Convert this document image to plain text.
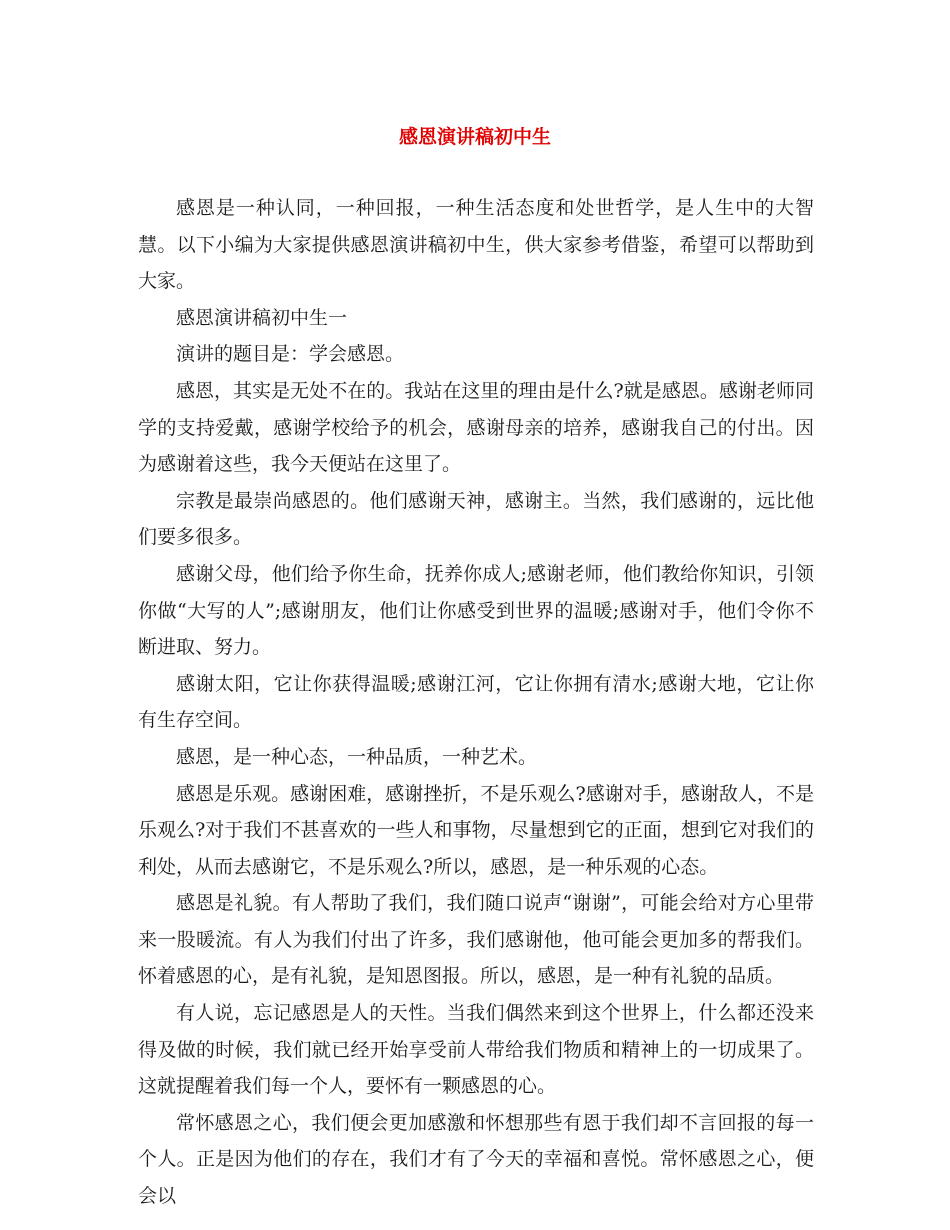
感恩演讲稿初中生

感恩是一种认同，一种回报，一种生活态度和处世哲学，是人生中的大智慧。以下小编为大家提供感恩演讲稿初中生，供大家参考借鉴，希望可以帮助到大家。

感恩演讲稿初中生一

演讲的题目是：学会感恩。

感恩，其实是无处不在的。我站在这里的理由是什么?就是感恩。感谢老师同学的支持爱戴，感谢学校给予的机会，感谢母亲的培养，感谢我自己的付出。因为感谢着这些，我今天便站在这里了。

宗教是最崇尚感恩的。他们感谢天神，感谢主。当然，我们感谢的，远比他们要多很多。

感谢父母，他们给予你生命，抚养你成人;感谢老师，他们教给你知识，引领你做“大写的人”;感谢朋友，他们让你感受到世界的温暖;感谢对手，他们令你不断进取、努力。

感谢太阳，它让你获得温暖;感谢江河，它让你拥有清水;感谢大地，它让你有生存空间。

感恩，是一种心态，一种品质，一种艺术。

感恩是乐观。感谢困难，感谢挫折，不是乐观么?感谢对手，感谢敌人，不是乐观么?对于我们不甚喜欢的一些人和事物，尽量想到它的正面，想到它对我们的利处，从而去感谢它，不是乐观么?所以，感恩，是一种乐观的心态。

感恩是礼貌。有人帮助了我们，我们随口说声“谢谢”，可能会给对方心里带来一股暖流。有人为我们付出了许多，我们感谢他，他可能会更加多的帮我们。怀着感恩的心，是有礼貌，是知恩图报。所以，感恩，是一种有礼貌的品质。

有人说，忘记感恩是人的天性。当我们偶然来到这个世界上，什么都还没来得及做的时候，我们就已经开始享受前人带给我们物质和精神上的一切成果了。这就提醒着我们每一个人，要怀有一颗感恩的心。

常怀感恩之心，我们便会更加感激和怀想那些有恩于我们却不言回报的每一个人。正是因为他们的存在，我们才有了今天的幸福和喜悦。常怀感恩之心，便会以
